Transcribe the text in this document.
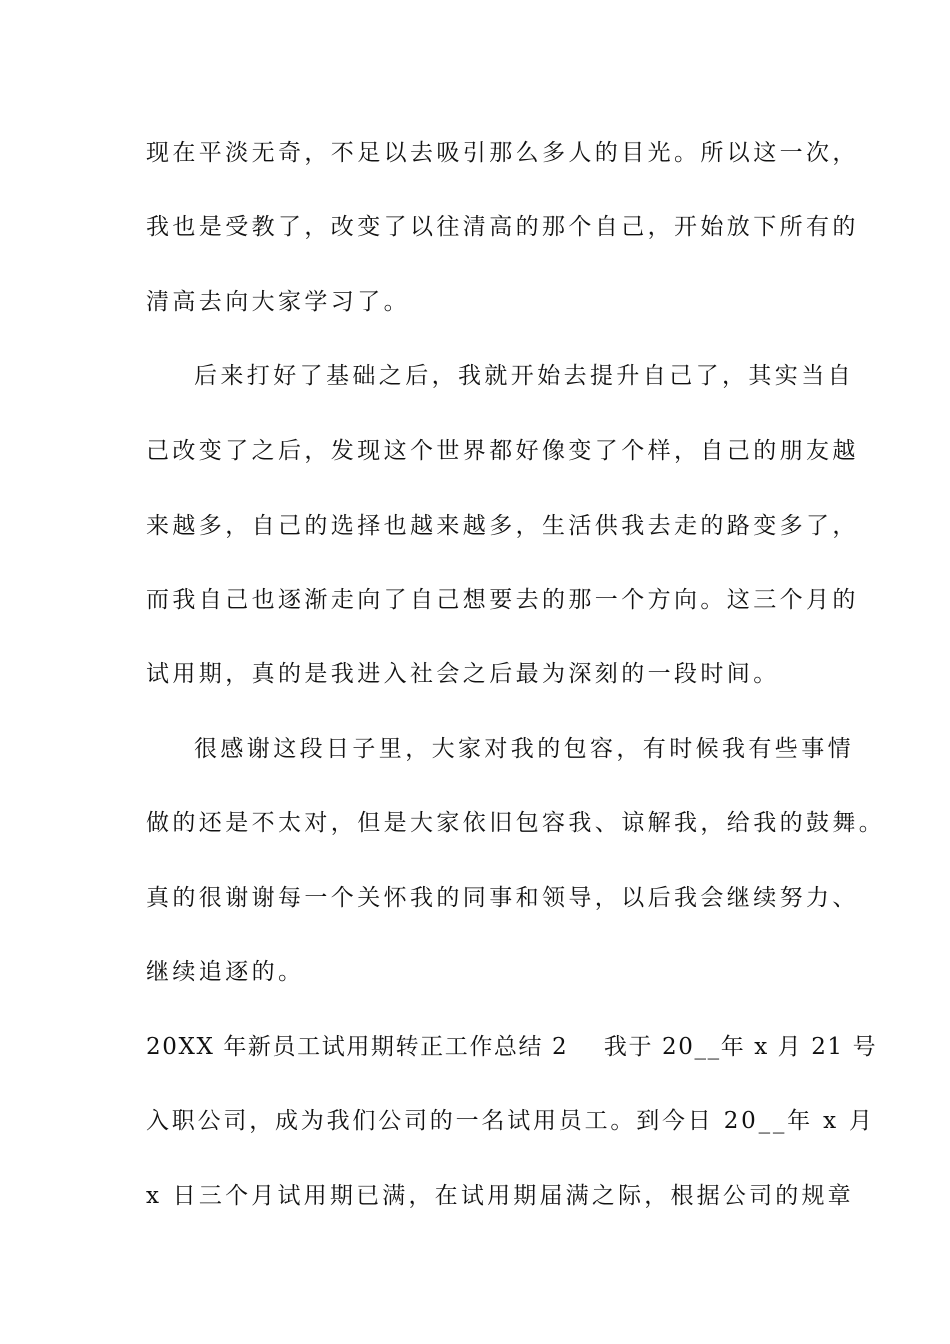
现在平淡无奇，不足以去吸引那么多人的目光。所以这一次，
我也是受教了，改变了以往清高的那个自己，开始放下所有的
清高去向大家学习了。
后来打好了基础之后，我就开始去提升自己了，其实当自
己改变了之后，发现这个世界都好像变了个样，自己的朋友越
来越多，自己的选择也越来越多，生活供我去走的路变多了，
而我自己也逐渐走向了自己想要去的那一个方向。这三个月的
试用期，真的是我进入社会之后最为深刻的一段时间。
很感谢这段日子里，大家对我的包容，有时候我有些事情
做的还是不太对，但是大家依旧包容我、谅解我，给我的鼓舞。
真的很谢谢每一个关怀我的同事和领导，以后我会继续努力、
继续追逐的。
20XX 年新员工试用期转正工作总结 2    我于 20__年 x 月 21 号
入职公司，成为我们公司的一名试用员工。到今日 20__年 x 月
x 日三个月试用期已满，在试用期届满之际，根据公司的规章
